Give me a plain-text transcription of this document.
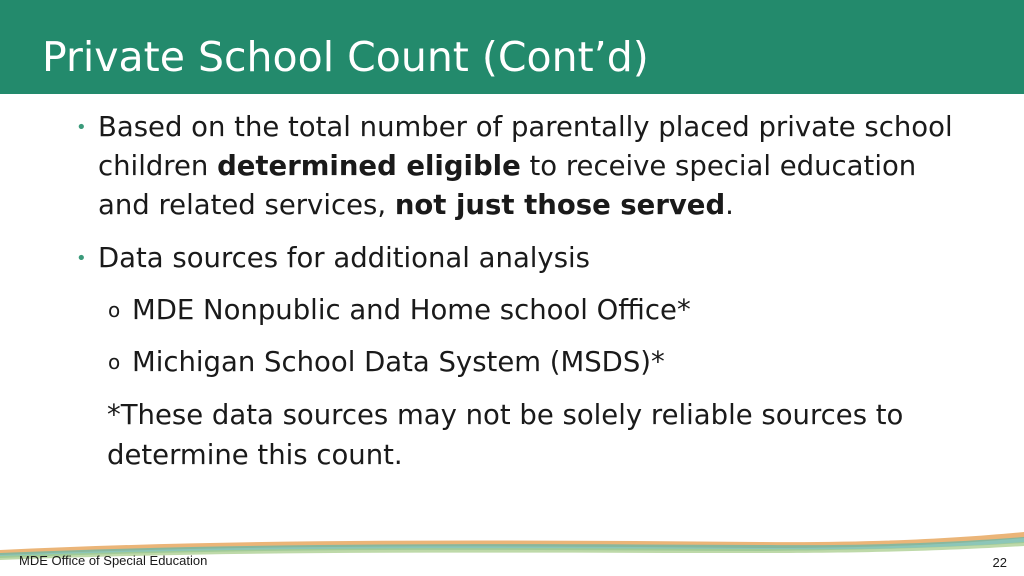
Private School Count (Cont’d)
• Based on the total number of parentally placed private school children determined eligible to receive special education and related services, not just those served.
• Data sources for additional analysis
o MDE Nonpublic and Home school Office*
o Michigan School Data System (MSDS)*
*These data sources may not be solely reliable sources to determine this count.
MDE Office of Special Education	22
